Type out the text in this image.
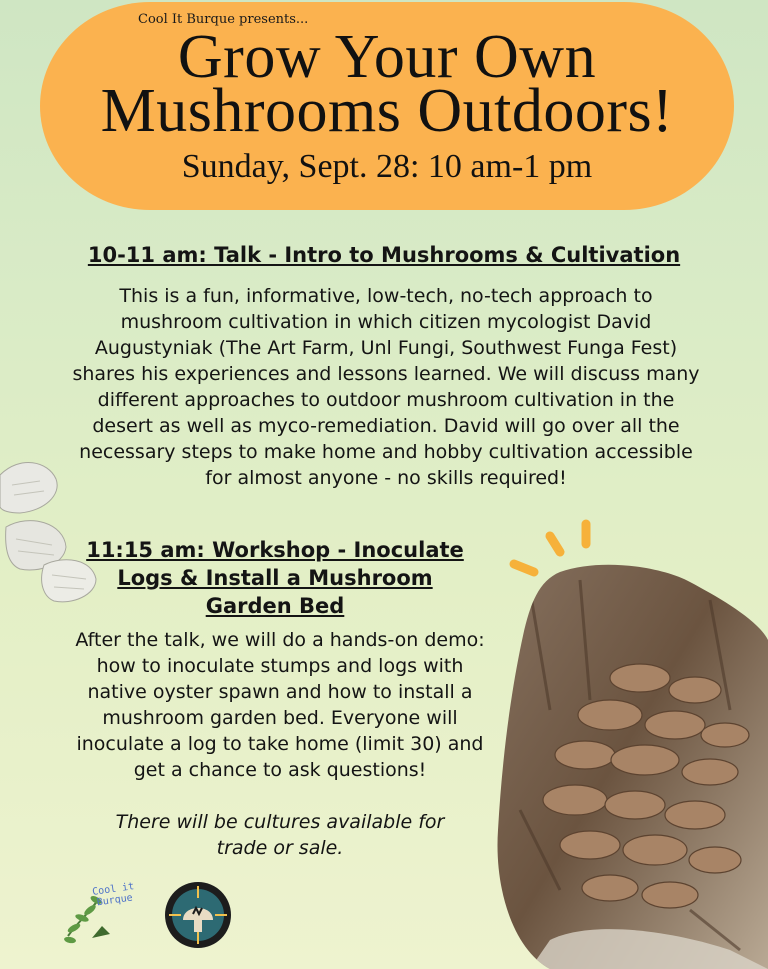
Cool It Burque presents...
Grow Your Own
Mushrooms Outdoors!
Sunday, Sept. 28: 10 am-1 pm
10-11 am: Talk - Intro to Mushrooms & Cultivation

This is a fun, informative, low-tech, no-tech approach to mushroom cultivation in which citizen mycologist David Augustyniak (The Art Farm, Unl Fungi, Southwest Funga Fest) shares his experiences and lessons learned. We will discuss many different approaches to outdoor mushroom cultivation in the desert as well as myco-remediation. David will go over all the necessary steps to make home and hobby cultivation accessible for almost anyone - no skills required!

11:15 am: Workshop - Inoculate Logs & Install a Mushroom Garden Bed

After the talk, we will do a hands-on demo: how to inoculate stumps and logs with native oyster spawn and how to install a mushroom garden bed. Everyone will inoculate a log to take home (limit 30) and get a chance to ask questions!

There will be cultures available for trade or sale.

Cool it Burque
